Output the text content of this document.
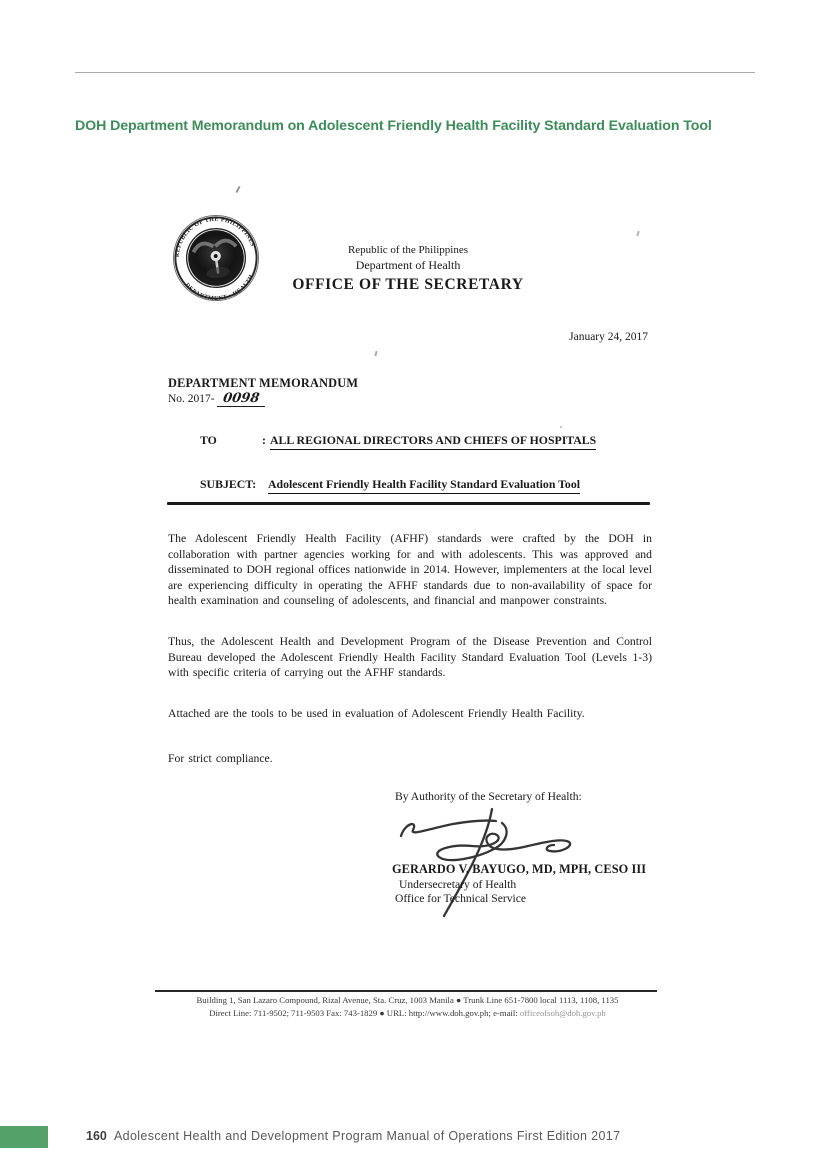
DOH Department Memorandum on Adolescent Friendly Health Facility Standard Evaluation Tool
REPUBLIC OF THE PHILIPPINES
DEPARTMENT • HEALTH
Republic of the Philippines
Department of Health
OFFICE OF THE SECRETARY
January 24, 2017
DEPARTMENT MEMORANDUM
No. 2017- 0098
TO	: ALL REGIONAL DIRECTORS AND CHIEFS OF HOSPITALS
SUBJECT: Adolescent Friendly Health Facility Standard Evaluation Tool

The Adolescent Friendly Health Facility (AFHF) standards were crafted by the DOH in collaboration with partner agencies working for and with adolescents. This was approved and disseminated to DOH regional offices nationwide in 2014. However, implementers at the local level are experiencing difficulty in operating the AFHF standards due to non-availability of space for health examination and counseling of adolescents, and financial and manpower constraints.

Thus, the Adolescent Health and Development Program of the Disease Prevention and Control Bureau developed the Adolescent Friendly Health Facility Standard Evaluation Tool (Levels 1-3) with specific criteria of carrying out the AFHF standards.

Attached are the tools to be used in evaluation of Adolescent Friendly Health Facility.

For strict compliance.

By Authority of the Secretary of Health:
GERARDO V. BAYUGO, MD, MPH, CESO III
Undersecretary of Health
Office for Technical Service
Building 1, San Lazaro Compound, Rizal Avenue, Sta. Cruz, 1003 Manila ● Trunk Line 651-7800 local 1113, 1108, 1135
Direct Line: 711-9502; 711-9503 Fax: 743-1829 ● URL: http://www.doh.gov.ph; e-mail: officeofsoh@doh.gov.ph
160 Adolescent Health and Development Program Manual of Operations First Edition 2017
